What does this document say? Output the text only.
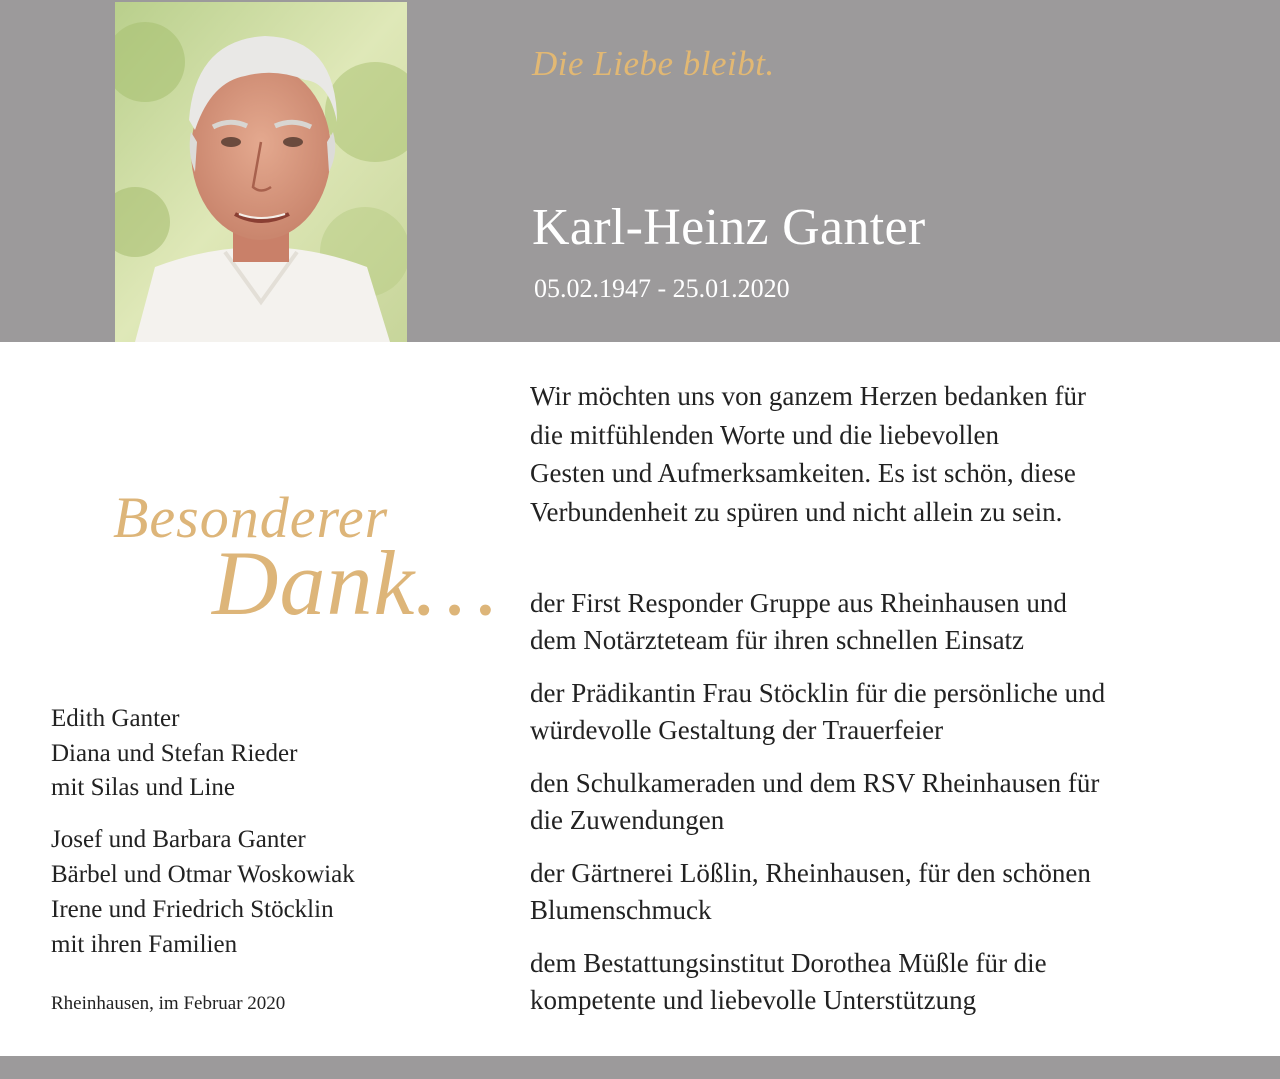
Die Liebe bleibt.
Karl-Heinz Ganter
05.02.1947 - 25.01.2020
Besonderer
Dank…
Wir möchten uns von ganzem Herzen bedanken für
die mitfühlenden Worte und die liebevollen
Gesten und Aufmerksamkeiten. Es ist schön, diese
Verbundenheit zu spüren und nicht allein zu sein.
der First Responder Gruppe aus Rheinhausen und
dem Notärzteteam für ihren schnellen Einsatz
der Prädikantin Frau Stöcklin für die persönliche und
würdevolle Gestaltung der Trauerfeier
den Schulkameraden und dem RSV Rheinhausen für
die Zuwendungen
der Gärtnerei Lößlin, Rheinhausen, für den schönen
Blumenschmuck
dem Bestattungsinstitut Dorothea Müßle für die
kompetente und liebevolle Unterstützung
Edith Ganter
Diana und Stefan Rieder
mit Silas und Line
Josef und Barbara Ganter
Bärbel und Otmar Woskowiak
Irene und Friedrich Stöcklin
mit ihren Familien
Rheinhausen, im Februar 2020
